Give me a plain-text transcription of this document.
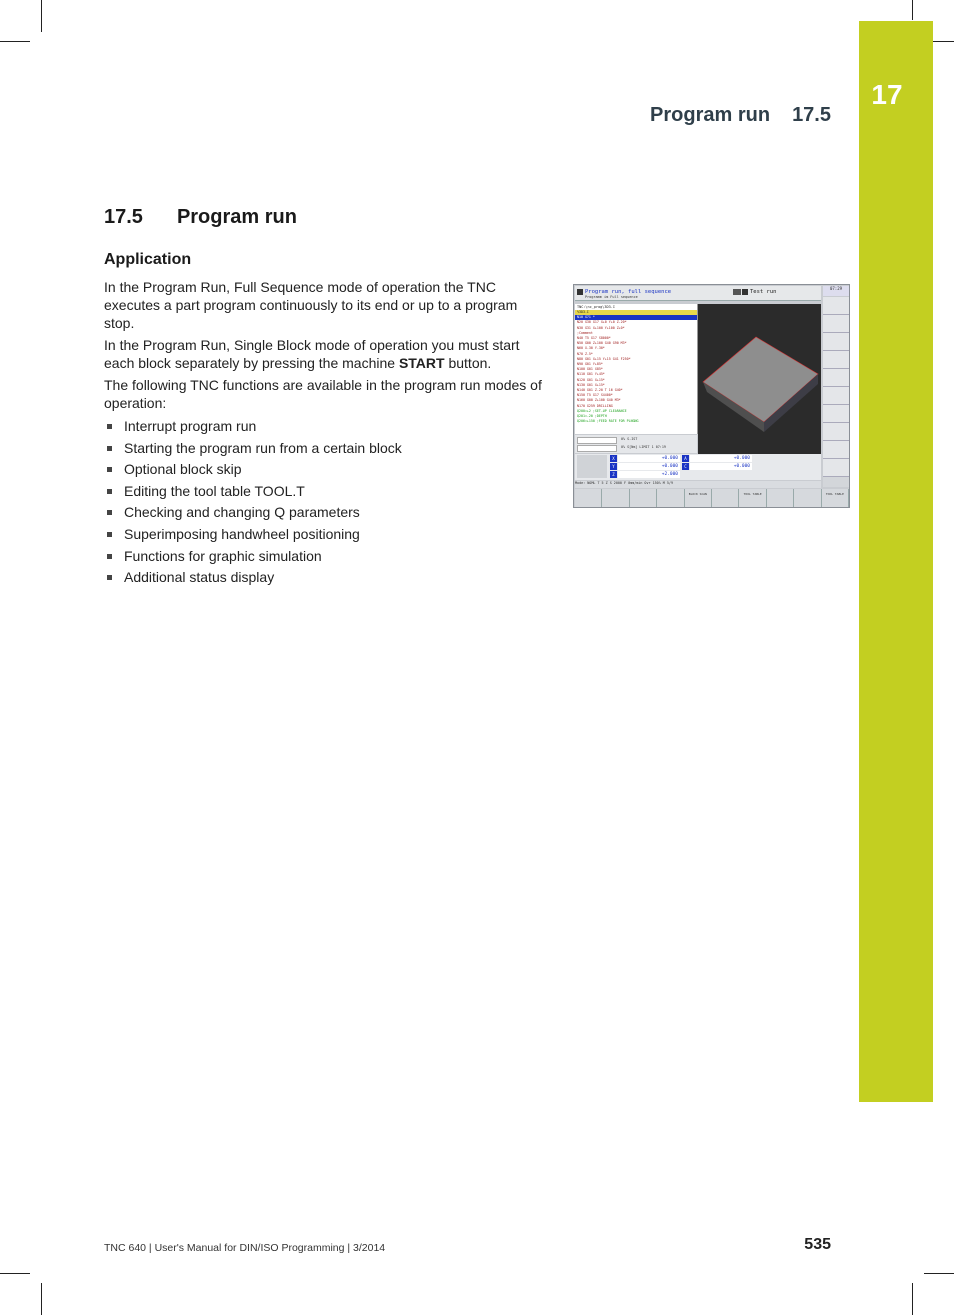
17
Program run 17.5
17.5 Program run
Application

In the Program Run, Full Sequence mode of operation the TNC executes a part program continuously to its end or up to a program stop.

In the Program Run, Single Block mode of operation you must start each block separately by pressing the machine START button.

The following TNC functions are available in the program run modes of operation:

Interrupt program run
Starting the program run from a certain block
Optional block skip
Editing the tool table TOOL.T
Checking and changing Q parameters
Superimposing handwheel positioning
Functions for graphic simulation
Additional status display
Program run, full sequence
Programm im Full sequence
Test run
07:29
TNC:\nc_prog\3D3.I
%3D3.I
N10 G71 *
N20 G30 G17 X+0 Y+0 Z-20*
N30 G31 X+100 Y+100 Z+0*
;Comment
N40 T5 G17 S8000*
N50 G00 Z+100 G40 G90 M3*
N60 X-30 Y-30*
N70 Z-5*
N80 G01 X+15 Y+15 G41 F250*
N90 G01 Y+85*
N100 G01 X85*
N110 G01 Y+45*
N120 G01 X+15*
N130 G01 X+15*
N140 G01 Z-20 T 16 G40*
N150 T5 G17 S4400*
N160 G00 Z+100 G40 M3*
N170 G259 DRILLING
Q200=+2 ;SET-UP CLEARANCE
Q201=-20 ;DEPTH
Q206=+150 ;FEED RATE FOR PLNGNG
0% S-IST
0% S[Nm] LIMIT 1 07:19
X	+0.000
Y	+0.000
Z	+2.000
A	+0.000
C	+0.000
Mode: NOML T 5 Z S 2000 F 0mm/min Ovr 150% M 5/9
BLOCK SCAN	TOOL TABLE	TOOL TABLE
TNC 640 | User's Manual for DIN/ISO Programming | 3/2014	535
